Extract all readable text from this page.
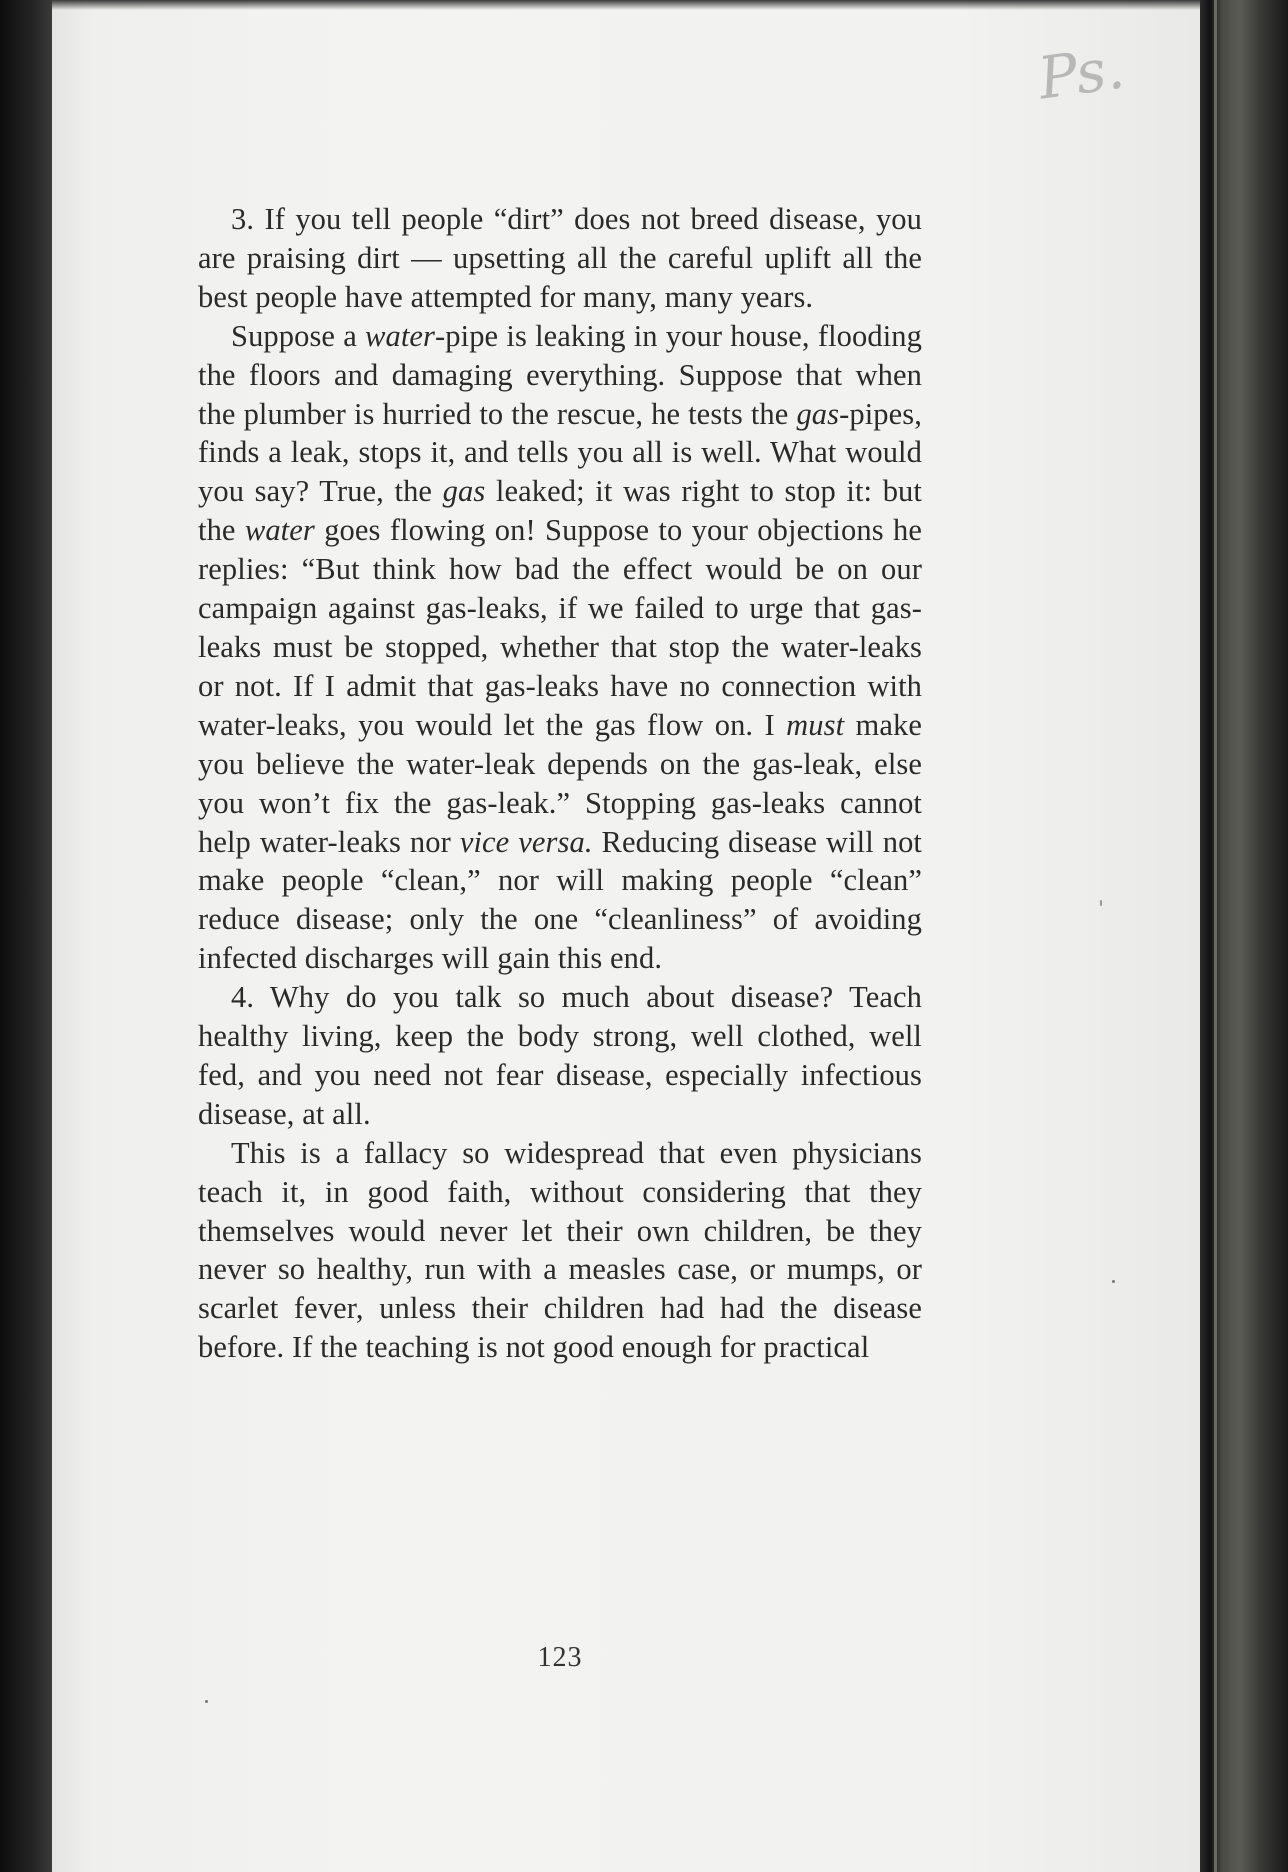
Ps.

3. If you tell people “dirt” does not breed disease, you are praising dirt — upsetting all the careful uplift all the best people have attempted for many, many years.

Suppose a water-pipe is leaking in your house, flooding the floors and damaging everything. Suppose that when the plumber is hurried to the rescue, he tests the gas-pipes, finds a leak, stops it, and tells you all is well. What would you say? True, the gas leaked; it was right to stop it: but the water goes flowing on! Suppose to your objections he replies: “But think how bad the effect would be on our campaign against gas-leaks, if we failed to urge that gas-leaks must be stopped, whether that stop the water-leaks or not. If I admit that gas-leaks have no connection with water-leaks, you would let the gas flow on. I must make you believe the water-leak depends on the gas-leak, else you won’t fix the gas-leak.” Stopping gas-leaks cannot help water-leaks nor vice versa. Reducing disease will not make people “clean,” nor will making people “clean” reduce disease; only the one “cleanliness” of avoiding infected discharges will gain this end.

4. Why do you talk so much about disease? Teach healthy living, keep the body strong, well clothed, well fed, and you need not fear disease, especially infectious disease, at all.

This is a fallacy so widespread that even physicians teach it, in good faith, without considering that they themselves would never let their own children, be they never so healthy, run with a measles case, or mumps, or scarlet fever, unless their children had had the disease before. If the teaching is not good enough for practical

123
